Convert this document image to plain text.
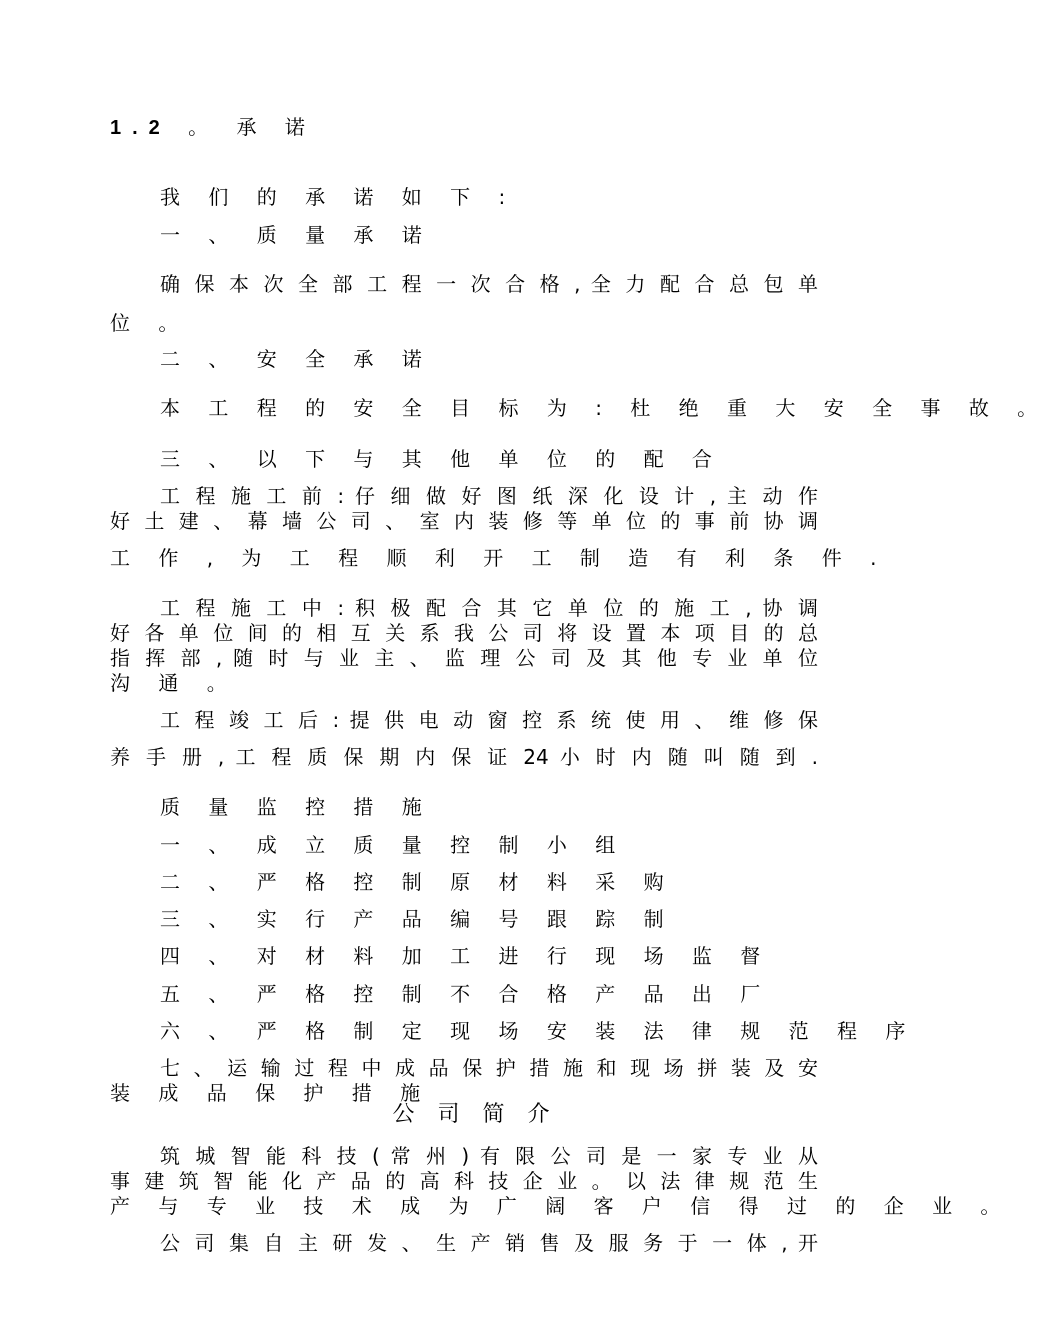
1.2 。 承 诺
我 们 的 承 诺 如 下 :
一 、 质 量 承 诺
确 保 本 次 全 部 工 程 一 次 合 格 , 全 力 配 合 总 包 单
位 。
二 、 安 全 承 诺
本 工 程 的 安 全 目 标 为 : 杜 绝 重 大 安 全 事 故 。
三 、 以 下 与 其 他 单 位 的 配 合
工 程 施 工 前 : 仔 细 做 好 图 纸 深 化 设 计 , 主 动 作
好 土 建 、 幕 墙 公 司 、 室 内 装 修 等 单 位 的 事 前 协 调
工 作 , 为 工 程 顺 利 开 工 制 造 有 利 条 件 .
工 程 施 工 中 : 积 极 配 合 其 它 单 位 的 施 工 , 协 调
好 各 单 位 间 的 相 互 关 系 我 公 司 将 设 置 本 项 目 的 总
指 挥 部 , 随 时 与 业 主 、 监 理 公 司 及 其 他 专 业 单 位
沟 通 。
工 程 竣 工 后 : 提 供 电 动 窗 控 系 统 使 用 、 维 修 保
养 手 册 , 工 程 质 保 期 内 保 证 24 小 时 内 随 叫 随 到 .
质 量 监 控 措 施
一 、 成 立 质 量 控 制 小 组
二 、 严 格 控 制 原 材 料 采 购
三 、 实 行 产 品 编 号 跟 踪 制
四 、 对 材 料 加 工 进 行 现 场 监 督
五 、 严 格 控 制 不 合 格 产 品 出 厂
六 、 严 格 制 定 现 场 安 装 法 律 规 范 程 序
七 、 运 输 过 程 中 成 品 保 护 措 施 和 现 场 拼 装 及 安
装 成 品 保 护 措 施
公 司 简 介
筑 城 智 能 科 技 ( 常 州 ) 有 限 公 司 是 一 家 专 业 从
事 建 筑 智 能 化 产 品 的 高 科 技 企 业 。 以 法 律 规 范 生
产 与 专 业 技 术 成 为 广 阔 客 户 信 得 过 的 企 业 。
公 司 集 自 主 研 发 、 生 产 销 售 及 服 务 于 一 体 , 开
